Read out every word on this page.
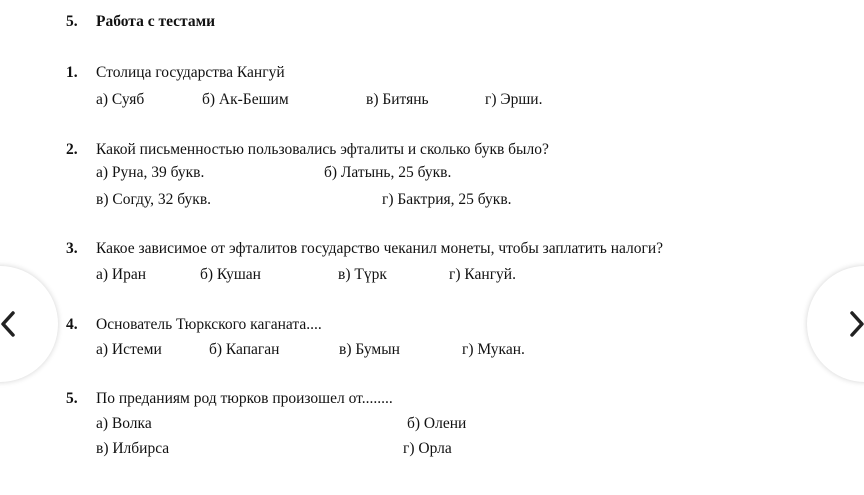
5. Работа с тестами
1. Столица государства Кангуй
а) Суяб	б) Ак-Бешим	в) Битянь	г) Эрши.
2. Какой письменностью пользовались эфталиты и сколько букв было?
а) Руна, 39 букв.	б) Латынь, 25 букв.
в) Согду, 32 букв.	г) Бактрия, 25 букв.
3. Какое зависимое от эфталитов государство чеканил монеты, чтобы заплатить налоги?
а) Иран	б) Кушан	в) Түрк	г) Кангуй.
4. Основатель Тюркского каганата....
а) Истеми	б) Капаган	в) Бумын	г) Мукан.
5. По преданиям род тюрков произошел от........
а) Волка	б) Олени
в) Илбирса	г) Орла
